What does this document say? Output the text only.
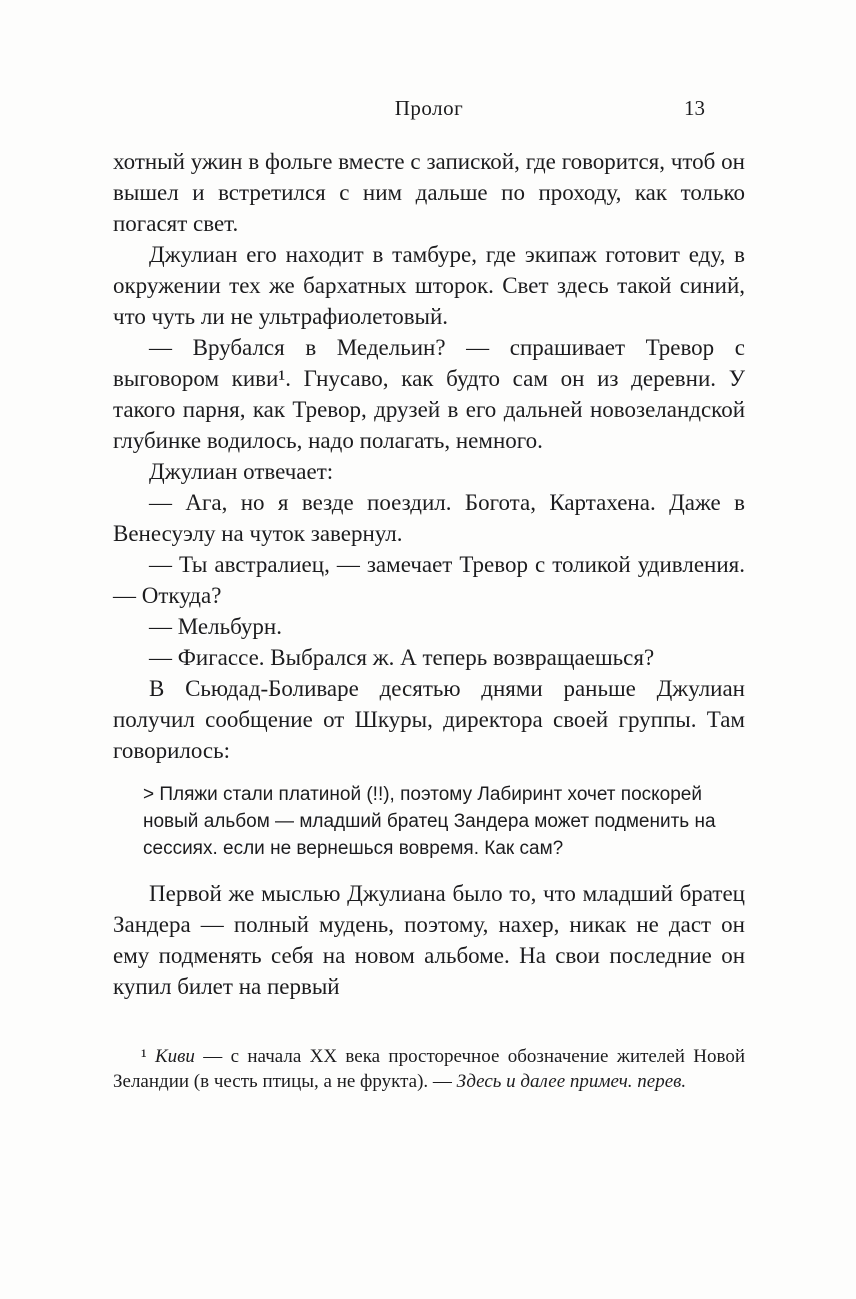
Пролог	13

хотный ужин в фольге вместе с запиской, где говорится, чтоб он вышел и встретился с ним дальше по проходу, как только погасят свет.

Джулиан его находит в тамбуре, где экипаж готовит еду, в окружении тех же бархатных шторок. Свет здесь такой синий, что чуть ли не ультрафиолетовый.

— Врубался в Медельин? — спрашивает Тревор с выговором киви¹. Гнусаво, как будто сам он из деревни. У такого парня, как Тревор, друзей в его дальней новозеландской глубинке водилось, надо полагать, немного.

Джулиан отвечает:

— Ага, но я везде поездил. Богота, Картахена. Даже в Венесуэлу на чуток завернул.

— Ты австралиец, — замечает Тревор с толикой удивления. — Откуда?

— Мельбурн.

— Фигассе. Выбрался ж. А теперь возвращаешься?

В Сьюдад-Боливаре десятью днями раньше Джулиан получил сообщение от Шкуры, директора своей группы. Там говорилось:

> Пляжи стали платиной (!!), поэтому Лабиринт хочет поскорей новый альбом — младший братец Зандера может подменить на сессиях. если не вернешься вовремя. Как сам?

Первой же мыслью Джулиана было то, что младший братец Зандера — полный мудень, поэтому, нахер, никак не даст он ему подменять себя на новом альбоме. На свои последние он купил билет на первый

¹ Киви — с начала XX века просторечное обозначение жителей Новой Зеландии (в честь птицы, а не фрукта). — Здесь и далее примеч. перев.
